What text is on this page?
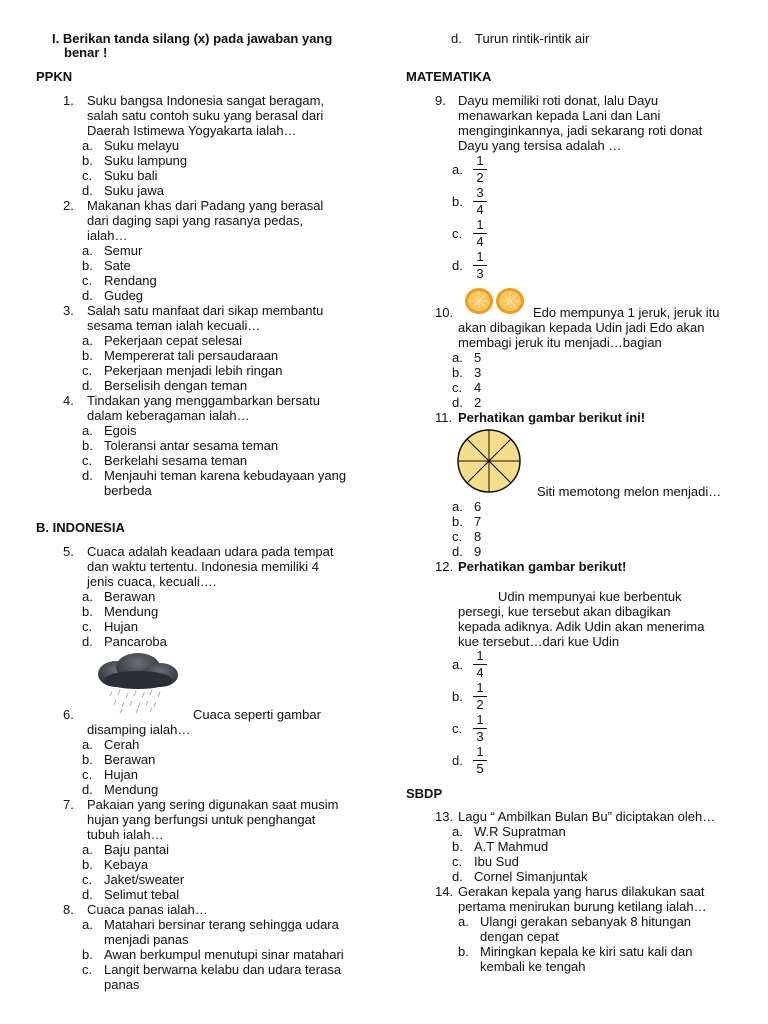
I. Berikan tanda silang (x) pada jawaban yang
benar !
PPKN
1. Suku bangsa Indonesia sangat beragam,
salah satu contoh suku yang berasal dari
Daerah Istimewa Yogyakarta ialah…
a. Suku melayu
b. Suku lampung
c. Suku bali
d. Suku jawa
2. Makanan khas dari Padang yang berasal
dari daging sapi yang rasanya pedas,
ialah…
a. Semur
b. Sate
c. Rendang
d. Gudeg
3. Salah satu manfaat dari sikap membantu
sesama teman ialah kecuali…
a. Pekerjaan cepat selesai
b. Mempererat tali persaudaraan
c. Pekerjaan menjadi lebih ringan
d. Berselisih dengan teman
4. Tindakan yang menggambarkan bersatu
dalam keberagaman ialah…
a. Egois
b. Toleransi antar sesama teman
c. Berkelahi sesama teman
d. Menjauhi teman karena kebudayaan yang
berbeda
B. INDONESIA
5. Cuaca adalah keadaan udara pada tempat
dan waktu tertentu. Indonesia memiliki 4
jenis cuaca, kecuali….
a. Berawan
b. Mendung
c. Hujan
d. Pancaroba
6.	Cuaca seperti gambar
disamping ialah…
a. Cerah
b. Berawan
c. Hujan
d. Mendung
7. Pakaian yang sering digunakan saat musim
hujan yang berfungsi untuk penghangat
tubuh ialah…
a. Baju pantai
b. Kebaya
c. Jaket/sweater
d. Selimut tebal
8. Cuaca panas ialah…
a. Matahari bersinar terang sehingga udara
menjadi panas
b. Awan berkumpul menutupi sinar matahari
c. Langit berwarna kelabu dan udara terasa
panas
d. Turun rintik-rintik air
MATEMATIKA
9. Dayu memiliki roti donat, lalu Dayu
menawarkan kepada Lani dan Lani
menginginkannya, jadi sekarang roti donat
Dayu yang tersisa adalah …
a.
1
2
b.
3
4
c.
1
4
d.
1
3
10.	Edo mempunya 1 jeruk, jeruk itu
akan dibagikan kepada Udin jadi Edo akan
membagi jeruk itu menjadi…bagian
a. 5
b. 3
c. 4
d. 2
11. Perhatikan gambar berikut ini!
Siti memotong melon menjadi…
a. 6
b. 7
c. 8
d. 9
12. Perhatikan gambar berikut!
Udin mempunyai kue berbentuk
persegi, kue tersebut akan dibagikan
kepada adiknya. Adik Udin akan menerima
kue tersebut…dari kue Udin
a.
1
4
b.
1
2
c.
1
3
d.
1
5
SBDP
13. Lagu “ Ambilkan Bulan Bu” diciptakan oleh…
a. W.R Supratman
b. A.T Mahmud
c. Ibu Sud
d. Cornel Simanjuntak
14. Gerakan kepala yang harus dilakukan saat
pertama menirukan burung ketilang ialah…
a. Ulangi gerakan sebanyak 8 hitungan
dengan cepat
b. Miringkan kepala ke kiri satu kali dan
kembali ke tengah
